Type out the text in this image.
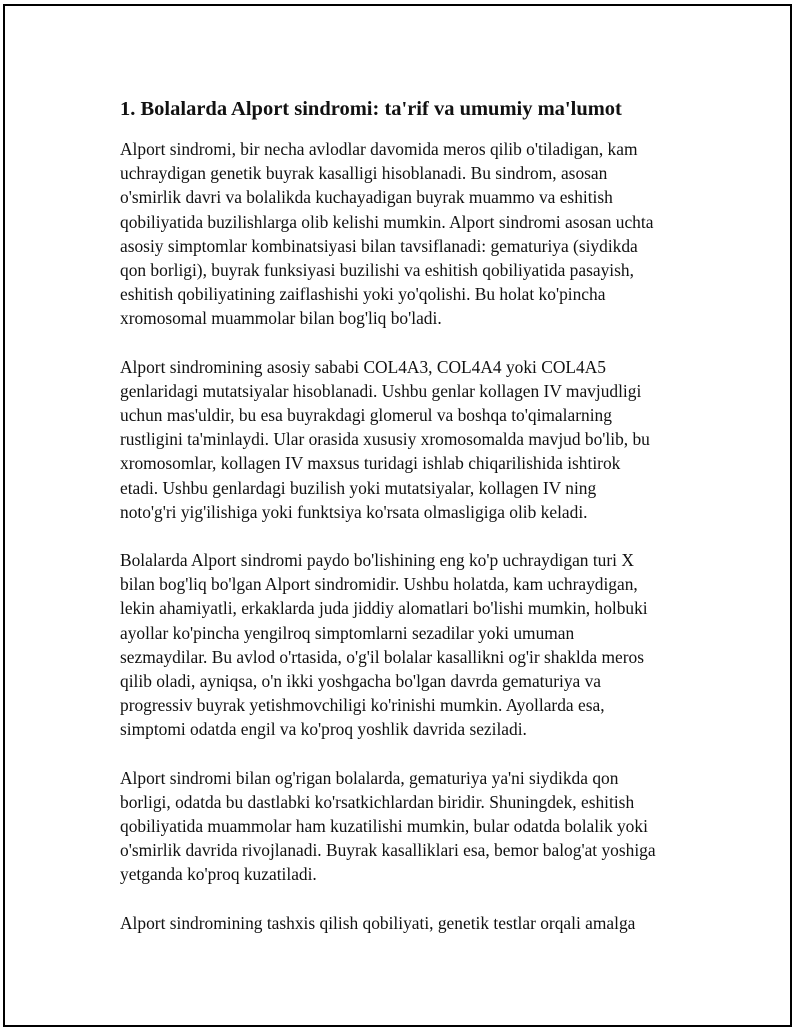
1. Bolalarda Alport sindromi: ta'rif va umumiy ma'lumot

Alport sindromi, bir necha avlodlar davomida meros qilib o'tiladigan, kam
uchraydigan genetik buyrak kasalligi hisoblanadi. Bu sindrom, asosan
o'smirlik davri va bolalikda kuchayadigan buyrak muammo va eshitish
qobiliyatida buzilishlarga olib kelishi mumkin. Alport sindromi asosan uchta
asosiy simptomlar kombinatsiyasi bilan tavsiflanadi: gematuriya (siydikda
qon borligi), buyrak funksiyasi buzilishi va eshitish qobiliyatida pasayish,
eshitish qobiliyatining zaiflashishi yoki yo'qolishi. Bu holat ko'pincha
xromosomal muammolar bilan bog'liq bo'ladi.

Alport sindromining asosiy sababi COL4A3, COL4A4 yoki COL4A5
genlaridagi mutatsiyalar hisoblanadi. Ushbu genlar kollagen IV mavjudligi
uchun mas'uldir, bu esa buyrakdagi glomerul va boshqa to'qimalarning
rustligini ta'minlaydi. Ular orasida xususiy xromosomalda mavjud bo'lib, bu
xromosomlar, kollagen IV maxsus turidagi ishlab chiqarilishida ishtirok
etadi. Ushbu genlardagi buzilish yoki mutatsiyalar, kollagen IV ning
noto'g'ri yig'ilishiga yoki funktsiya ko'rsata olmasligiga olib keladi.

Bolalarda Alport sindromi paydo bo'lishining eng ko'p uchraydigan turi X
bilan bog'liq bo'lgan Alport sindromidir. Ushbu holatda, kam uchraydigan,
lekin ahamiyatli, erkaklarda juda jiddiy alomatlari bo'lishi mumkin, holbuki
ayollar ko'pincha yengilroq simptomlarni sezadilar yoki umuman
sezmaydilar. Bu avlod o'rtasida, o'g'il bolalar kasallikni og'ir shaklda meros
qilib oladi, ayniqsa, o'n ikki yoshgacha bo'lgan davrda gematuriya va
progressiv buyrak yetishmovchiligi ko'rinishi mumkin. Ayollarda esa,
simptomi odatda engil va ko'proq yoshlik davrida seziladi.

Alport sindromi bilan og'rigan bolalarda, gematuriya ya'ni siydikda qon
borligi, odatda bu dastlabki ko'rsatkichlardan biridir. Shuningdek, eshitish
qobiliyatida muammolar ham kuzatilishi mumkin, bular odatda bolalik yoki
o'smirlik davrida rivojlanadi. Buyrak kasalliklari esa, bemor balog'at yoshiga
yetganda ko'proq kuzatiladi.

Alport sindromining tashxis qilish qobiliyati, genetik testlar orqali amalga
